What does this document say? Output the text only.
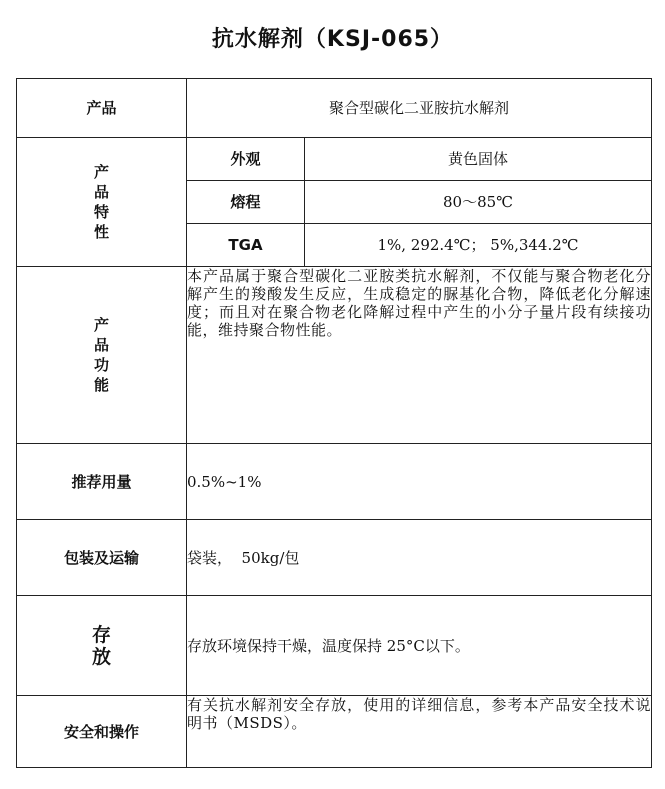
抗水解剂（KSJ-065）
产品	聚合型碳化二亚胺抗水解剂	
产品特性	外观	黄色固体
	熔程	80～85℃
	TGA	1%, 292.4℃； 5%,344.2℃
产品功能	本产品属于聚合型碳化二亚胺类抗水解剂，不仅能与聚合物老化分解产生的羧酸发生反应，生成稳定的脲基化合物，降低老化分解速度；而且对在聚合物老化降解过程中产生的小分子量片段有续接功能，维持聚合物性能。	
推荐用量	0.5%~1%	
包装及运输	袋装，  50kg/包	
存放	存放环境保持干燥，温度保持 25°C以下。	
安全和操作	有关抗水解剂安全存放，使用的详细信息，参考本产品安全技术说明书（MSDS）。	
